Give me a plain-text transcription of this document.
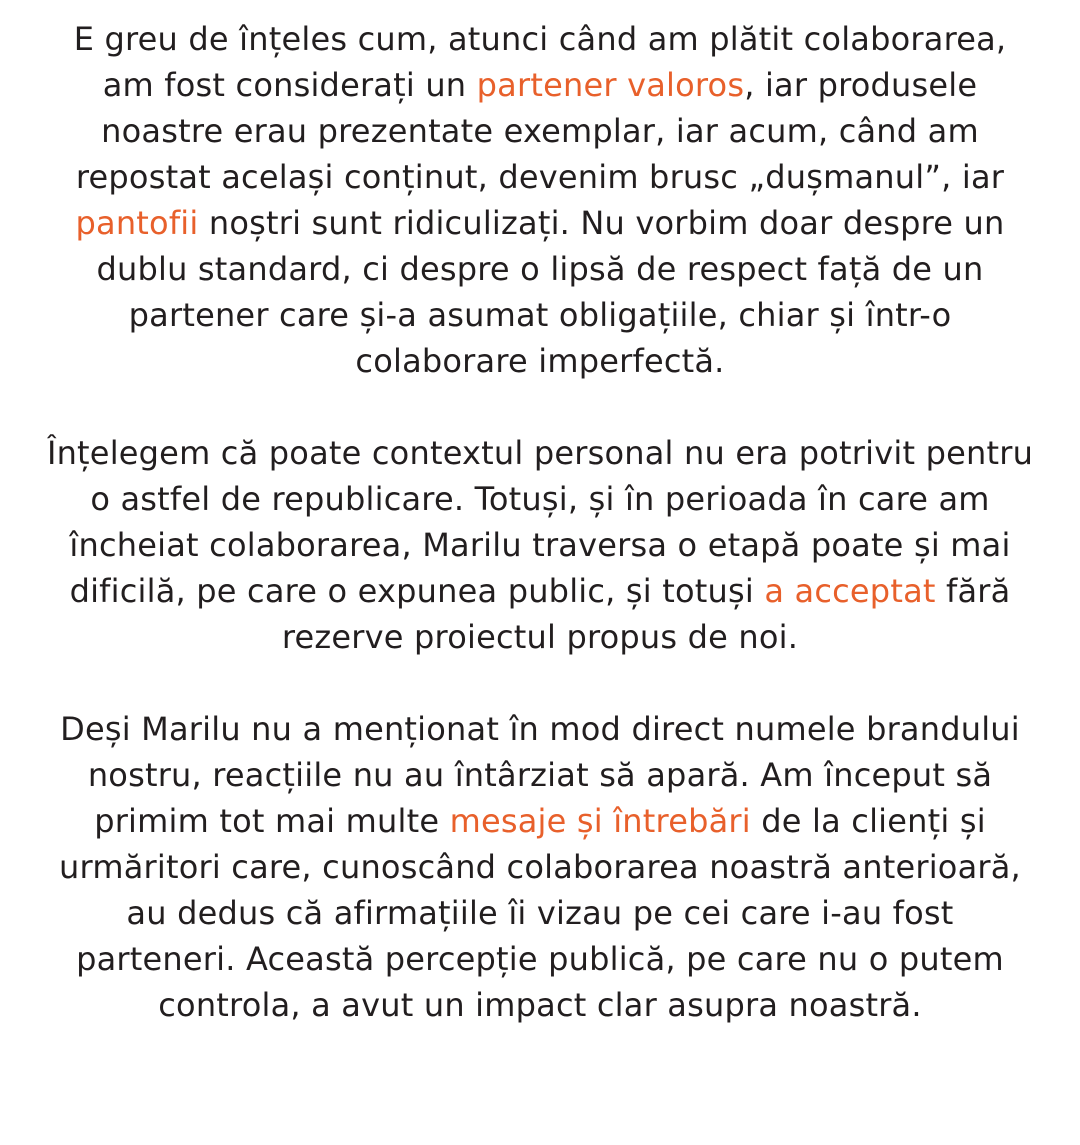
E greu de înțeles cum, atunci când am plătit colaborarea, am fost considerați un partener valoros, iar produsele noastre erau prezentate exemplar, iar acum, când am repostat același conținut, devenim brusc „dușmanul”, iar pantofii noștri sunt ridiculizați. Nu vorbim doar despre un dublu standard, ci despre o lipsă de respect față de un partener care și-a asumat obligațiile, chiar și într-o colaborare imperfectă.

Înțelegem că poate contextul personal nu era potrivit pentru o astfel de republicare. Totuși, și în perioada în care am încheiat colaborarea, Marilu traversa o etapă poate și mai dificilă, pe care o expunea public, și totuși a acceptat fără rezerve proiectul propus de noi.

Deși Marilu nu a menționat în mod direct numele brandului nostru, reacțiile nu au întârziat să apară. Am început să primim tot mai multe mesaje și întrebări de la clienți și urmăritori care, cunoscând colaborarea noastră anterioară, au dedus că afirmațiile îi vizau pe cei care i-au fost parteneri. Această percepție publică, pe care nu o putem controla, a avut un impact clar asupra noastră.
